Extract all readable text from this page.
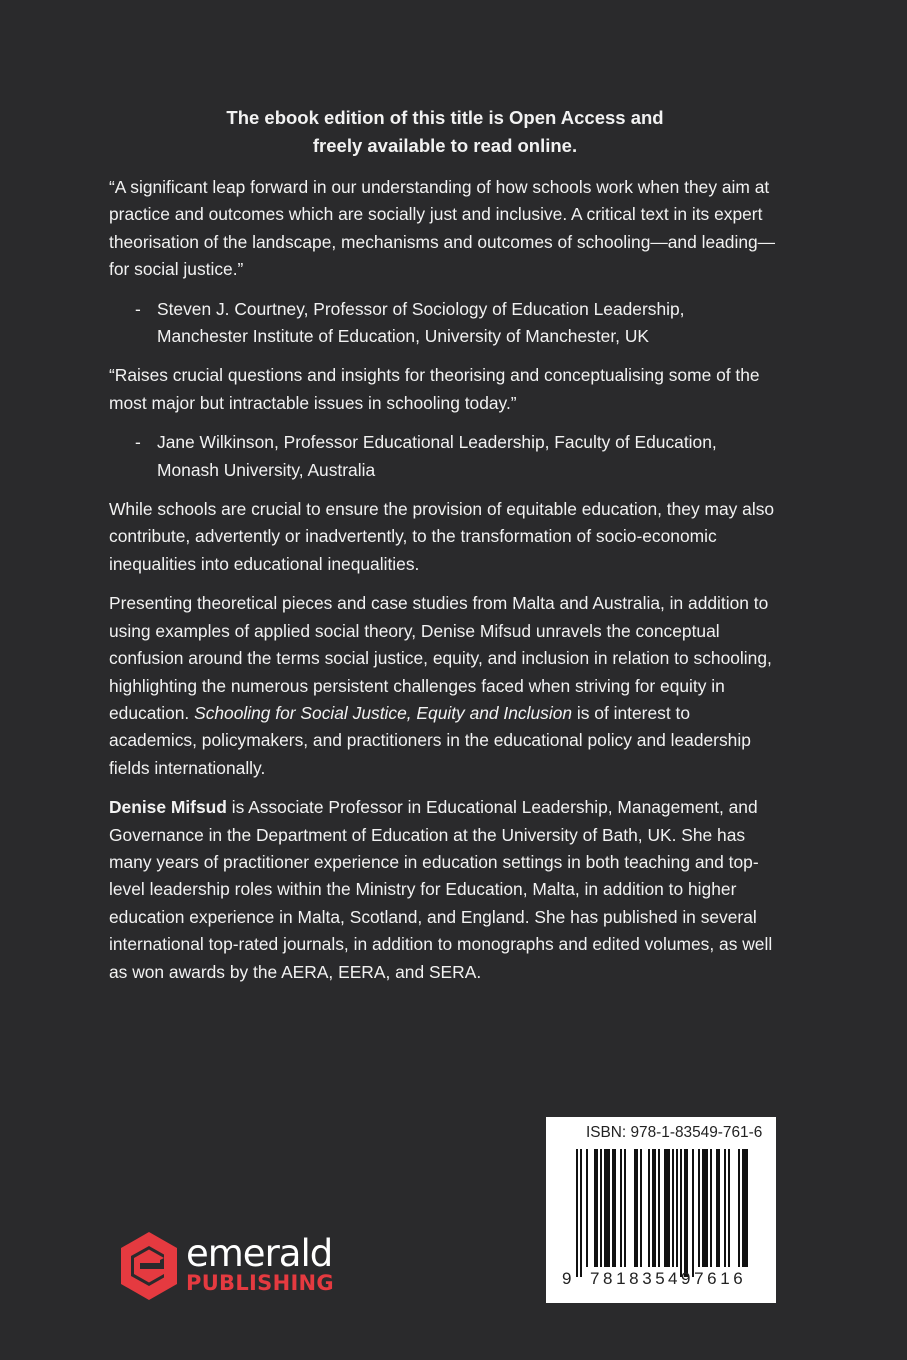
The ebook edition of this title is Open Access and
freely available to read online.
“A significant leap forward in our understanding of how schools work when they aim at practice and outcomes which are socially just and inclusive. A critical text in its expert theorisation of the landscape, mechanisms and outcomes of schooling—and leading—for social justice.”
- Steven J. Courtney, Professor of Sociology of Education Leadership,
Manchester Institute of Education, University of Manchester, UK
“Raises crucial questions and insights for theorising and conceptualising some of the most major but intractable issues in schooling today.”
- Jane Wilkinson, Professor Educational Leadership, Faculty of Education,
Monash University, Australia
While schools are crucial to ensure the provision of equitable education, they may also contribute, advertently or inadvertently, to the transformation of socio-economic inequalities into educational inequalities.
Presenting theoretical pieces and case studies from Malta and Australia, in addition to using examples of applied social theory, Denise Mifsud unravels the conceptual confusion around the terms social justice, equity, and inclusion in relation to schooling, highlighting the numerous persistent challenges faced when striving for equity in education. Schooling for Social Justice, Equity and Inclusion is of interest to academics, policymakers, and practitioners in the educational policy and leadership fields internationally.
Denise Mifsud is Associate Professor in Educational Leadership, Management, and Governance in the Department of Education at the University of Bath, UK. She has many years of practitioner experience in education settings in both teaching and top-level leadership roles within the Ministry for Education, Malta, in addition to higher education experience in Malta, Scotland, and England. She has published in several international top-rated journals, in addition to monographs and edited volumes, as well as won awards by the AERA, EERA, and SERA.
emerald
PUBLISHING
ISBN: 978-1-83549-761-6
9 781835 497616
